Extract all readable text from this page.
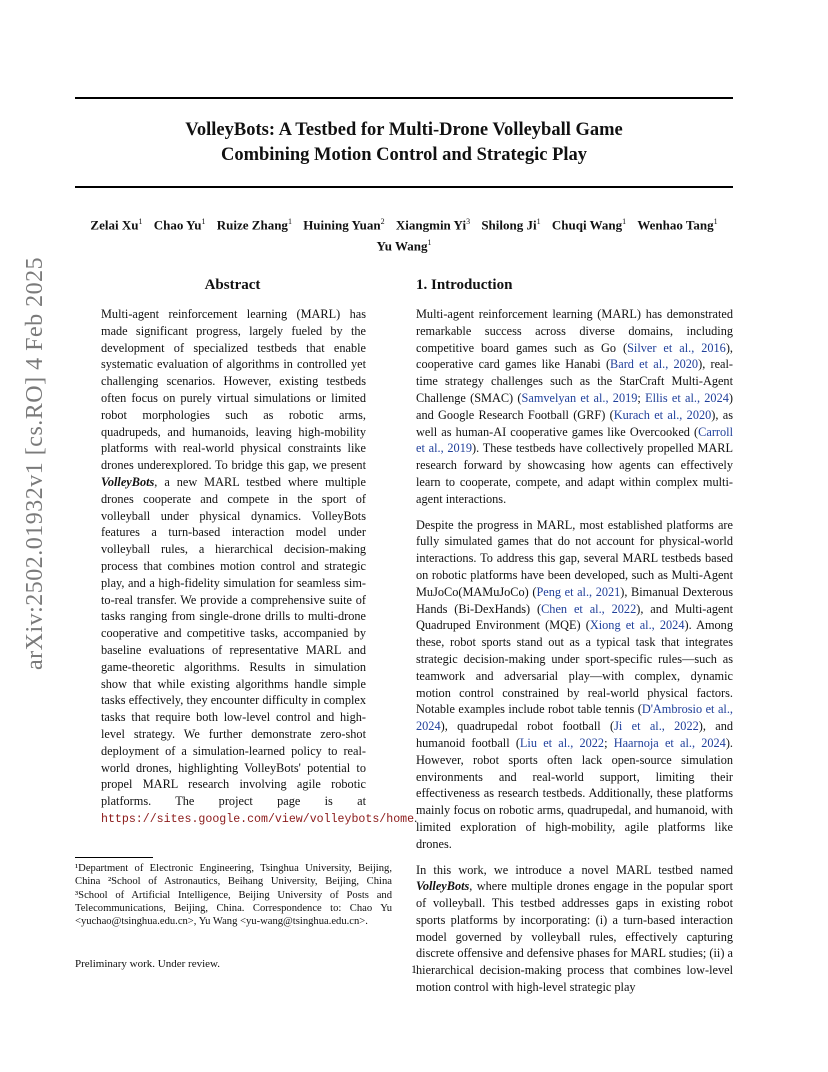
VolleyBots: A Testbed for Multi-Drone Volleyball Game
Combining Motion Control and Strategic Play
Zelai Xu$^1$ Chao Yu$^1$ Ruize Zhang$^1$ Huining Yuan$^2$ Xiangmin Yi$^3$ Shilong Ji$^1$ Chuqi Wang$^1$ Wenhao Tang$^1$ Yu Wang$^1$
arXiv:2502.01932v1 [cs.RO] 4 Feb 2025	Abstract
Multi-agent reinforcement learning (MARL) has made significant progress, largely fueled by the development of specialized testbeds that enable systematic evaluation of algorithms in controlled yet challenging scenarios. However, existing testbeds often focus on purely virtual simulations or limited robot morphologies such as robotic arms, quadrupeds, and humanoids, leaving high-mobility platforms with real-world physical constraints like drones underexplored. To bridge this gap, we present VolleyBots, a new MARL testbed where multiple drones cooperate and compete in the sport of volleyball under physical dynamics. VolleyBots features a turn-based interaction model under volleyball rules, a hierarchical decision-making process that combines motion control and strategic play, and a high-fidelity simulation for seamless sim-to-real transfer. We provide a comprehensive suite of tasks ranging from single-drone drills to multi-drone cooperative and competitive tasks, accompanied by baseline evaluations of representative MARL and game-theoretic algorithms. Results in simulation show that while existing algorithms handle simple tasks effectively, they encounter difficulty in complex tasks that require both low-level control and high-level strategy. We further demonstrate zero-shot deployment of a simulation-learned policy to real-world drones, highlighting VolleyBots' potential to propel MARL research involving agile robotic platforms. The project page is at https://sites.google.com/view/volleybots/home.
¹Department of Electronic Engineering, Tsinghua University, Beijing, China ²School of Astronautics, Beihang University, Beijing, China ³School of Artificial Intelligence, Beijing University of Posts and Telecommunications, Beijing, China. Correspondence to: Chao Yu <yuchao@tsinghua.edu.cn>, Yu Wang <yu-wang@tsinghua.edu.cn>.
Preliminary work. Under review.
1. Introduction

Multi-agent reinforcement learning (MARL) has demonstrated remarkable success across diverse domains, including competitive board games such as Go (Silver et al., 2016), cooperative card games like Hanabi (Bard et al., 2020), real-time strategy challenges such as the StarCraft Multi-Agent Challenge (SMAC) (Samvelyan et al., 2019; Ellis et al., 2024) and Google Research Football (GRF) (Kurach et al., 2020), as well as human-AI cooperative games like Overcooked (Carroll et al., 2019). These testbeds have collectively propelled MARL research forward by showcasing how agents can effectively learn to cooperate, compete, and adapt within complex multi-agent interactions.

Despite the progress in MARL, most established platforms are fully simulated games that do not account for physical-world interactions. To address this gap, several MARL testbeds based on robotic platforms have been developed, such as Multi-Agent MuJoCo(MAMuJoCo) (Peng et al., 2021), Bimanual Dexterous Hands (Bi-DexHands) (Chen et al., 2022), and Multi-agent Quadruped Environment (MQE) (Xiong et al., 2024). Among these, robot sports stand out as a typical task that integrates strategic decision-making under sport-specific rules—such as teamwork and adversarial play—with complex, dynamic motion control constrained by real-world physical factors. Notable examples include robot table tennis (D'Ambrosio et al., 2024), quadrupedal robot football (Ji et al., 2022), and humanoid football (Liu et al., 2022; Haarnoja et al., 2024). However, robot sports often lack open-source simulation environments and real-world support, limiting their effectiveness as research testbeds. Additionally, these platforms mainly focus on robotic arms, quadrupedal, and humanoid, with limited exploration of high-mobility, agile platforms like drones.

In this work, we introduce a novel MARL testbed named VolleyBots, where multiple drones engage in the popular sport of volleyball. This testbed addresses gaps in existing robot sports platforms by incorporating: (i) a turn-based interaction model governed by volleyball rules, effectively capturing discrete offensive and defensive phases for MARL studies; (ii) a hierarchical decision-making process that combines low-level motion control with high-level strategic play

1
